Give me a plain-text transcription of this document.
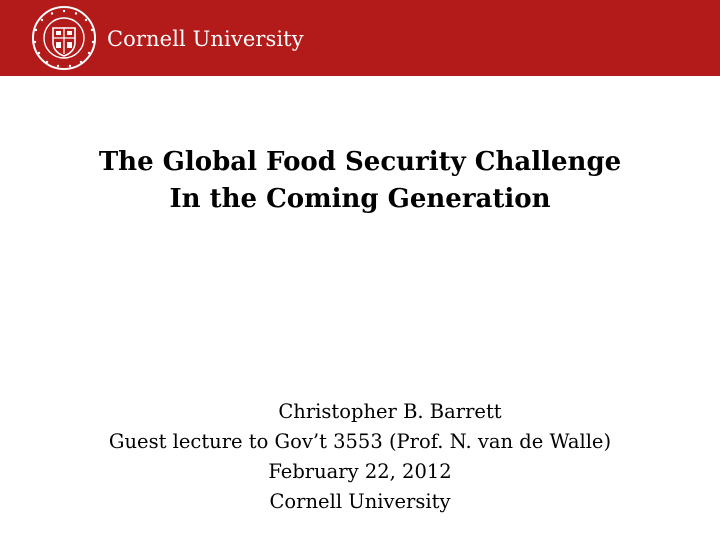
Cornell University
The Global Food Security Challenge
In the Coming Generation
Christopher B. Barrett
Guest lecture to Gov’t 3553 (Prof. N. van de Walle)
February 22, 2012
Cornell University
